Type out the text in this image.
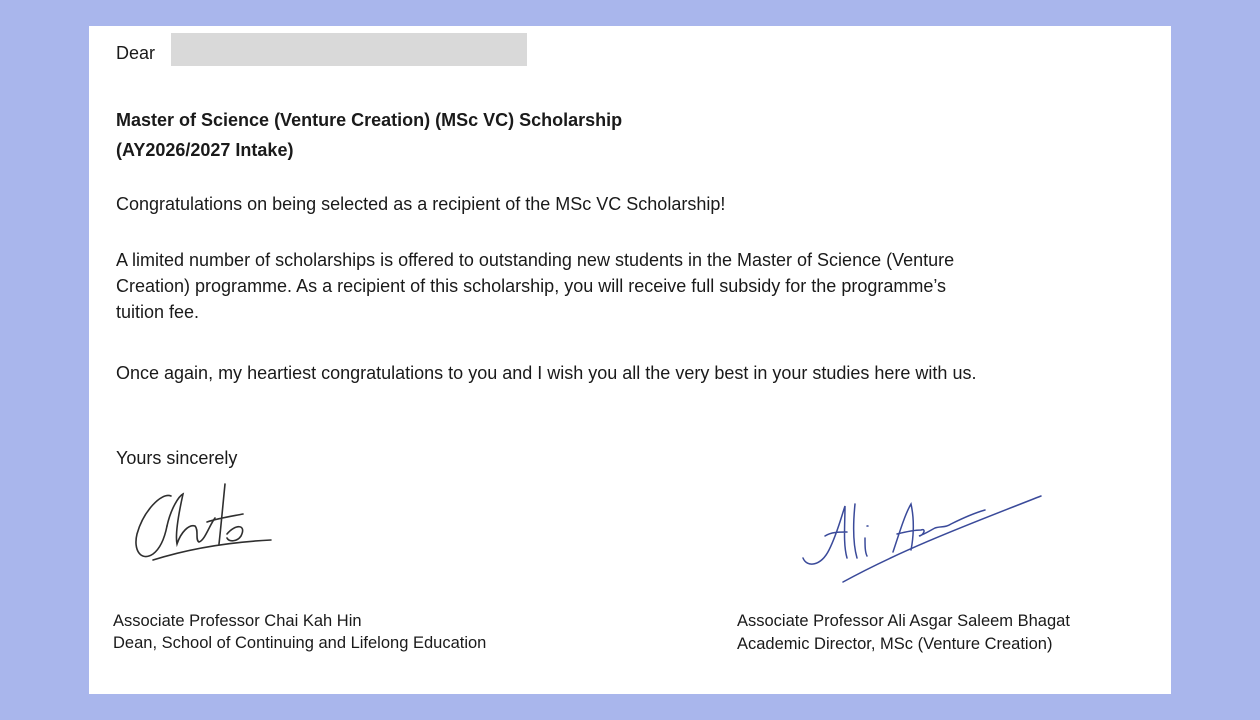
Dear
Master of Science (Venture Creation) (MSc VC) Scholarship
(AY2026/2027 Intake)
Congratulations on being selected as a recipient of the MSc VC Scholarship!
A limited number of scholarships is offered to outstanding new students in the Master of Science (Venture
Creation) programme. As a recipient of this scholarship, you will receive full subsidy for the programme’s
tuition fee.
Once again, my heartiest congratulations to you and I wish you all the very best in your studies here with us.
Yours sincerely
Associate Professor Chai Kah Hin
Dean, School of Continuing and Lifelong Education
Associate Professor Ali Asgar Saleem Bhagat
Academic Director, MSc (Venture Creation)
